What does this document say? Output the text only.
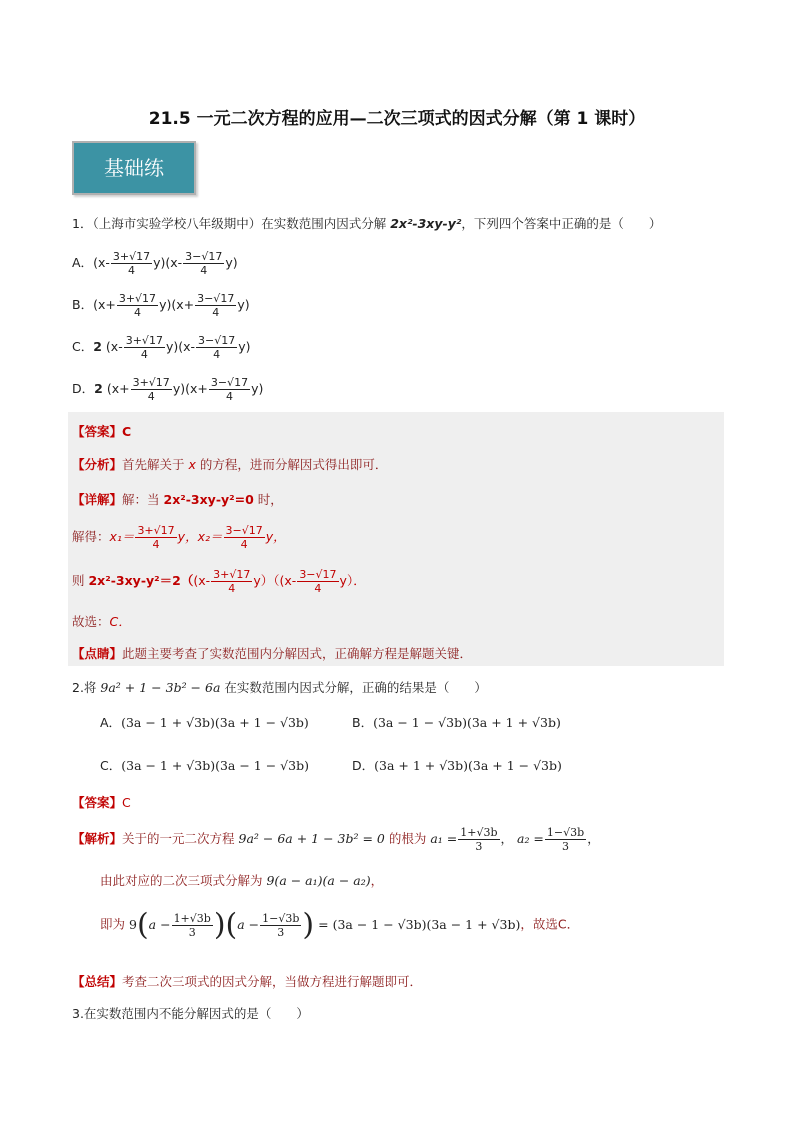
21.5 一元二次方程的应用—二次三项式的因式分解（第 1 课时）
基础练
1．（上海市实验学校八年级期中）在实数范围内因式分解 2x²-3xy-y²，下列四个答案中正确的是（　　）
A．$(x- \frac{3+√17}{4} y)(x- \frac{3-√17}{4} y)$
B．$(x+ \frac{3+√17}{4} y)(x+ \frac{3-√17}{4} y)$
C．2 $(x- \frac{3+√17}{4} y)(x- \frac{3-√17}{4} y)$
D．2 $(x+ \frac{3+√17}{4} y)(x+ \frac{3-√17}{4} y)$
【答案】C
【分析】首先解关于 x 的方程，进而分解因式得出即可．
【详解】解：当 2x²-3xy-y²=0 时，
解得：$x_1= \frac{3+√17}{4}$ y，$x_2= \frac{3-√17}{4}$ y，
则 $2x^2-3xy-y^2=2((x- \frac{3+√17}{4} y)((x- \frac{3-√17}{4} y)$．
故选：C．
【点睛】此题主要考查了实数范围内分解因式，正确解方程是解题关键．
2.将 9a² + 1 − 3b² − 6a 在实数范围内因式分解，正确的结果是（　　）
A．(3a − 1 + √3b)(3a + 1 − √3b)	B．(3a − 1 − √3b)(3a + 1 + √3b)
C．(3a − 1 + √3b)(3a − 1 − √3b)	D．(3a + 1 + √3b)(3a + 1 − √3b)
【答案】C
【解析】关于的一元二次方程 9a² − 6a + 1 − 3b² = 0 的根为 $a_1 = \frac{1+√3b}{3}$ ， $a_2 = \frac{1-√3b}{3}$ ，
由此对应的二次三项式分解为 9(a − a₁)(a − a₂)，
即为 $9(a - \frac{1+√3b}{3} )(a - \frac{1-√3b}{3}$ ) = (3a − 1 − √3b)(3a − 1 + √3b)，故选C．
【总结】考查二次三项式的因式分解，当做方程进行解题即可．
3.在实数范围内不能分解因式的是（　　）
